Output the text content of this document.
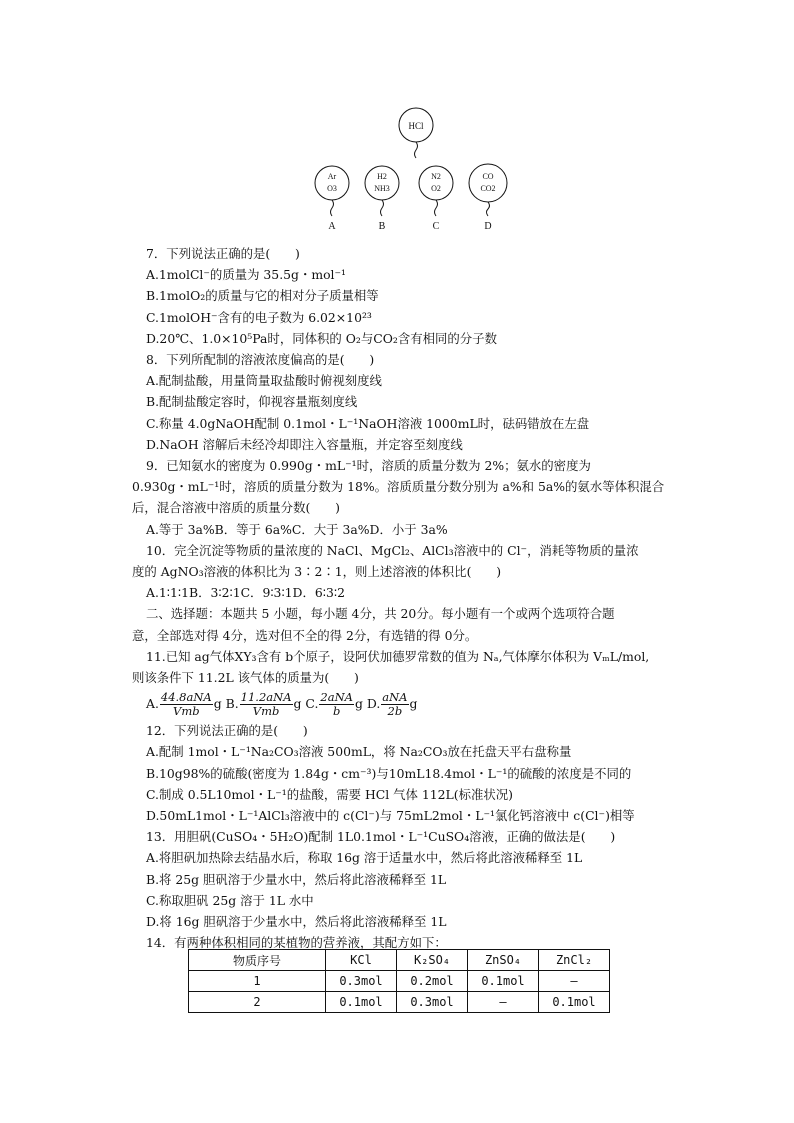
HCl
Ar
O3
A
H2
NH3
B
N2
O2
C
CO
CO2
D
7．下列说法正确的是(　　)
A.1molCl⁻的质量为 35.5g・mol⁻¹
B.1molO₂的质量与它的相对分子质量相等
C.1molOH⁻含有的电子数为 6.02×10²³
D.20℃、1.0×10⁵Pa时，同体积的 O₂与CO₂含有相同的分子数
8．下列所配制的溶液浓度偏高的是(　　)
A.配制盐酸，用量筒量取盐酸时俯视刻度线
B.配制盐酸定容时，仰视容量瓶刻度线
C.称量 4.0gNaOH配制 0.1mol・L⁻¹NaOH溶液 1000mL时，砝码错放在左盘
D.NaOH 溶解后未经冷却即注入容量瓶，并定容至刻度线
9．已知氨水的密度为 0.990g・mL⁻¹时，溶质的质量分数为 2%；氨水的密度为
0.930g・mL⁻¹时，溶质的质量分数为 18%。溶质质量分数分别为 a%和 5a%的氨水等体积混合
后，混合溶液中溶质的质量分数(　　)
A.等于 3a%B．等于 6a%C．大于 3a%D．小于 3a%
10．完全沉淀等物质的量浓度的 NaCl、MgCl₂、AlCl₃溶液中的 Cl⁻，消耗等物质的量浓
度的 AgNO₃溶液的体积比为 3∶2∶1，则上述溶液的体积比(　　)
A.1∶1∶1B．3∶2∶1C．9∶3∶1D．6∶3∶2
二、选择题：本题共 5 小题，每小题 4分，共 20分。每小题有一个或两个选项符合题
意，全部选对得 4分，选对但不全的得 2分，有选错的得 0分。
11.已知 ag气体XY₃含有 b个原子，设阿伏加德罗常数的值为 Nₐ,气体摩尔体积为 VₘL/mol,
则该条件下 11.2L 该气体的质量为(　　)
A. $\frac{\text{44.8aNA}}{\text{Vmb}}$ g B. $\frac{\text{11.2aNA}}{\text{Vmb}}$ g C. $\frac{\text{2aNA}}{b}$ g D. $\frac{\text{aNA}}{2b}$ g
12．下列说法正确的是(　　)
A.配制 1mol・L⁻¹Na₂CO₃溶液 500mL，将 Na₂CO₃放在托盘天平右盘称量
B.10g98%的硫酸(密度为 1.84g・cm⁻³)与10mL18.4mol・L⁻¹的硫酸的浓度是不同的
C.制成 0.5L10mol・L⁻¹的盐酸，需要 HCl 气体 112L(标准状况)
D.50mL1mol・L⁻¹AlCl₃溶液中的 c(Cl⁻)与 75mL2mol・L⁻¹氯化钙溶液中 c(Cl⁻)相等
13．用胆矾(CuSO₄・5H₂O)配制 1L0.1mol・L⁻¹CuSO₄溶液，正确的做法是(　　)
A.将胆矾加热除去结晶水后，称取 16g 溶于适量水中，然后将此溶液稀释至 1L
B.将 25g 胆矾溶于少量水中，然后将此溶液稀释至 1L
C.称取胆矾 25g 溶于 1L 水中
D.将 16g 胆矾溶于少量水中，然后将此溶液稀释至 1L
14．有两种体积相同的某植物的营养液，其配方如下：
物质序号	KCl	K₂SO₄	ZnSO₄	ZnCl₂
1	0.3mol	0.2mol	0.1mol	—
2	0.1mol	0.3mol	—	0.1mol
